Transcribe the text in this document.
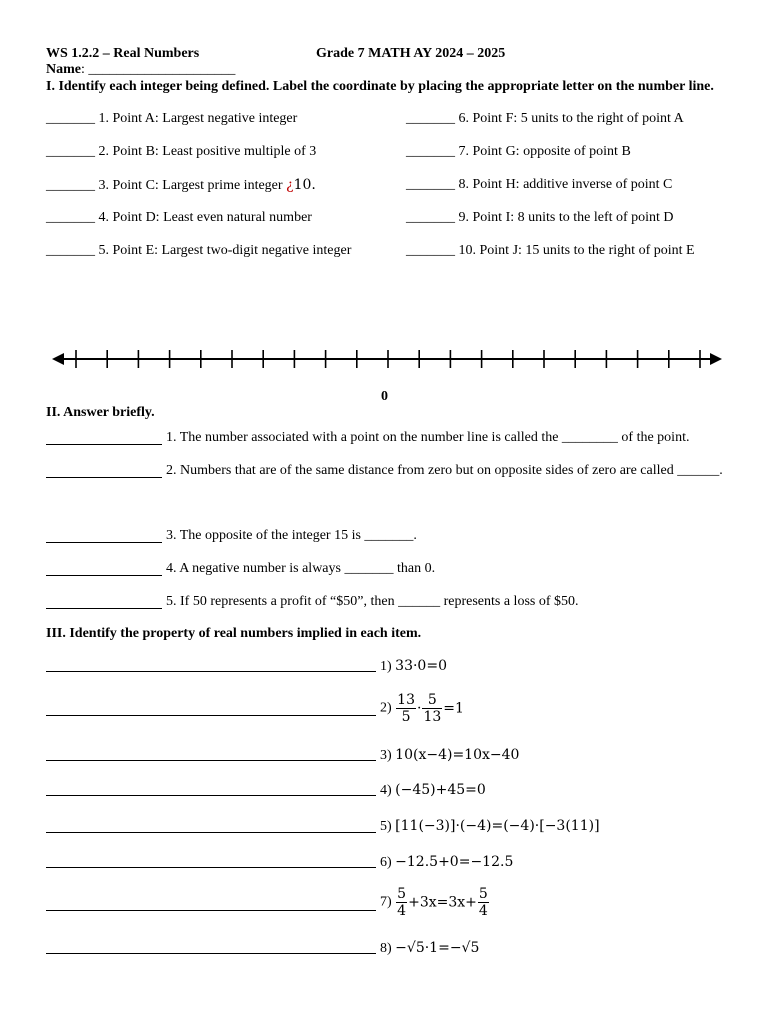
WS 1.2.2 – Real Numbers	Grade 7 MATH AY 2024 – 2025
Name: _____________________
I. Identify each integer being defined. Label the coordinate by placing the appropriate letter on the number line.
_______ 1. Point A: Largest negative integer
_______ 2. Point B: Least positive multiple of 3
_______ 3. Point C: Largest prime integer ¿10.
_______ 4. Point D: Least even natural number
_______ 5. Point E: Largest two-digit negative integer
_______ 6. Point F: 5 units to the right of point A
_______ 7. Point G: opposite of point B
_______ 8. Point H: additive inverse of point C
_______ 9. Point I: 8 units to the left of point D
_______ 10. Point J: 15 units to the right of point E
0
II. Answer briefly.
1. The number associated with a point on the number line is called the ________ of the point.
2. Numbers that are of the same distance from zero but on opposite sides of zero are called ______.
3. The opposite of the integer 15 is _______.
4. A negative number is always _______ than 0.
5. If 50 represents a profit of “$50”, then ______ represents a loss of $50.
III. Identify the property of real numbers implied in each item.
1) 33·0=0
$2) \frac{13}{5} \cdot \frac{5}{13} =1$
3) 10(x−4)=10x−40
4) (−45)+45=0
5) [11(−3)]·(−4)=(−4)·[−3(11)]
6) −12.5+0=−12.5
$7) \frac{5}{4} +3x=3x+ \frac{5}{4}$
8) −√5·1=−√5
